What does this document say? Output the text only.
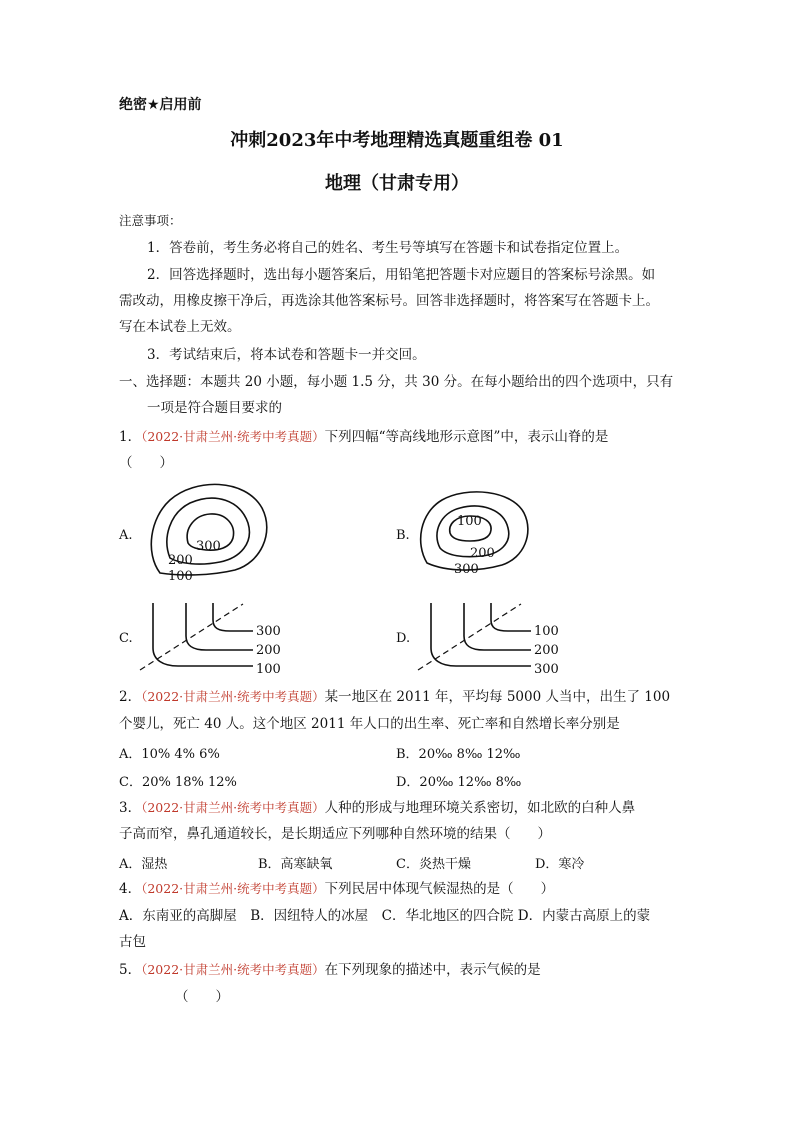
绝密★启用前
冲刺2023年中考地理精选真题重组卷 01
地理（甘肃专用）
注意事项：
1．答卷前，考生务必将自己的姓名、考生号等填写在答题卡和试卷指定位置上。
2．回答选择题时，选出每小题答案后，用铅笔把答题卡对应题目的答案标号涂黑。如
需改动，用橡皮擦干净后，再选涂其他答案标号。回答非选择题时，将答案写在答题卡上。
写在本试卷上无效。
3．考试结束后，将本试卷和答题卡一并交回。
一、选择题：本题共 20 小题，每小题 1.5 分，共 30 分。在每小题给出的四个选项中，只有
一项是符合题目要求的
1．（2022·甘肃兰州·统考中考真题）下列四幅“等高线地形示意图”中，表示山脊的是
（　　）
A.	B.
C.	D.
300
200
100
100
200
300
300
200
100
100
200
300
2．（2022·甘肃兰州·统考中考真题）某一地区在 2011 年，平均每 5000 人当中，出生了 100
个婴儿，死亡 40 人。这个地区 2011 年人口的出生率、死亡率和自然增长率分别是
A．10% 4% 6%	B．20‰ 8‰ 12‰
C．20% 18% 12%	D．20‰ 12‰ 8‰
3．（2022·甘肃兰州·统考中考真题）人种的形成与地理环境关系密切，如北欧的白种人鼻
子高而窄，鼻孔通道较长，是长期适应下列哪种自然环境的结果（　　）
A．湿热	B．高寒缺氧	C．炎热干燥	D．寒冷
4．（2022·甘肃兰州·统考中考真题）下列民居中体现气候湿热的是（　　）
A．东南亚的高脚屋　B．因纽特人的冰屋　C．华北地区的四合院 D．内蒙古高原上的蒙
古包
5．（2022·甘肃兰州·统考中考真题）在下列现象的描述中，表示气候的是
（　　）
